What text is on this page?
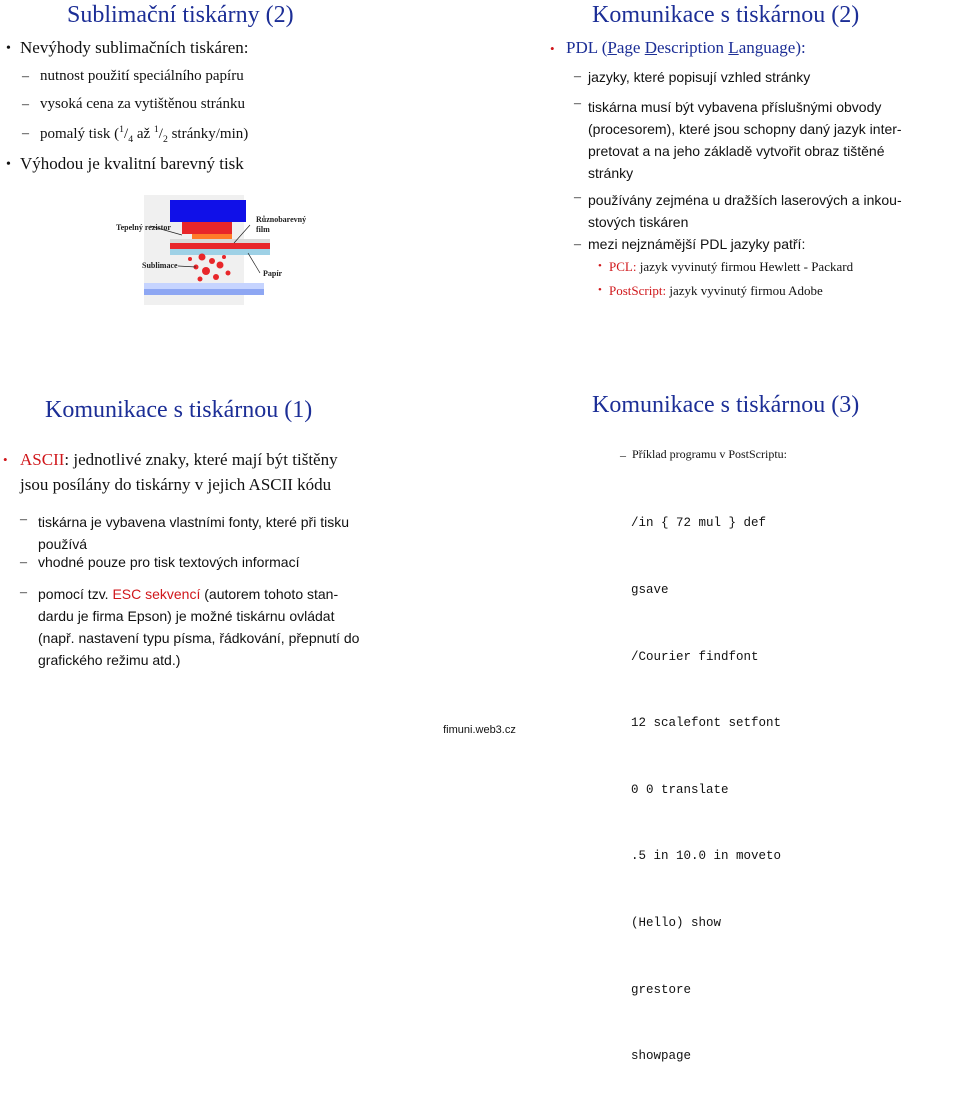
Sublimační tiskárny (2)
• Nevýhody sublimačních tiskáren:
– nutnost použití speciálního papíru
– vysoká cena za vytištěnou stránku
– pomalý tisk ($^1/_4$ až $^1/_2$ stránky/min)
• Výhodou je kvalitní barevný tisk
Tepelný rezistor
Různobarevný film
Sublimace
Papír
Komunikace s tiskárnou (2)
• PDL (Page Description Language):
– jazyky, které popisují vzhled stránky
– tiskárna musí být vybavena příslušnými obvody
(procesorem), které jsou schopny daný jazyk inter-
pretovat a na jeho základě vytvořit obraz tištěné
stránky
– používány zejména u dražších laserových a inkou-
stových tiskáren
– mezi nejznámější PDL jazyky patří:
• PCL: jazyk vyvinutý firmou Hewlett - Packard
• PostScript: jazyk vyvinutý firmou Adobe
Komunikace s tiskárnou (1)
• ASCII: jednotlivé znaky, které mají být tištěny
jsou posílány do tiskárny v jejich ASCII kódu
– tiskárna je vybavena vlastními fonty, které při tisku
používá
– vhodné pouze pro tisk textových informací
– pomocí tzv. ESC sekvencí (autorem tohoto stan-
dardu je firma Epson) je možné tiskárnu ovládat
(např. nastavení typu písma, řádkování, přepnutí do
grafického režimu atd.)
Komunikace s tiskárnou (3)
– Příklad programu v PostScriptu:

/in { 72 mul } def

gsave

/Courier findfont

12 scalefont setfont

0 0 translate

.5 in 10.0 in moveto

(Hello) show

grestore

showpage

fimuni.web3.cz
